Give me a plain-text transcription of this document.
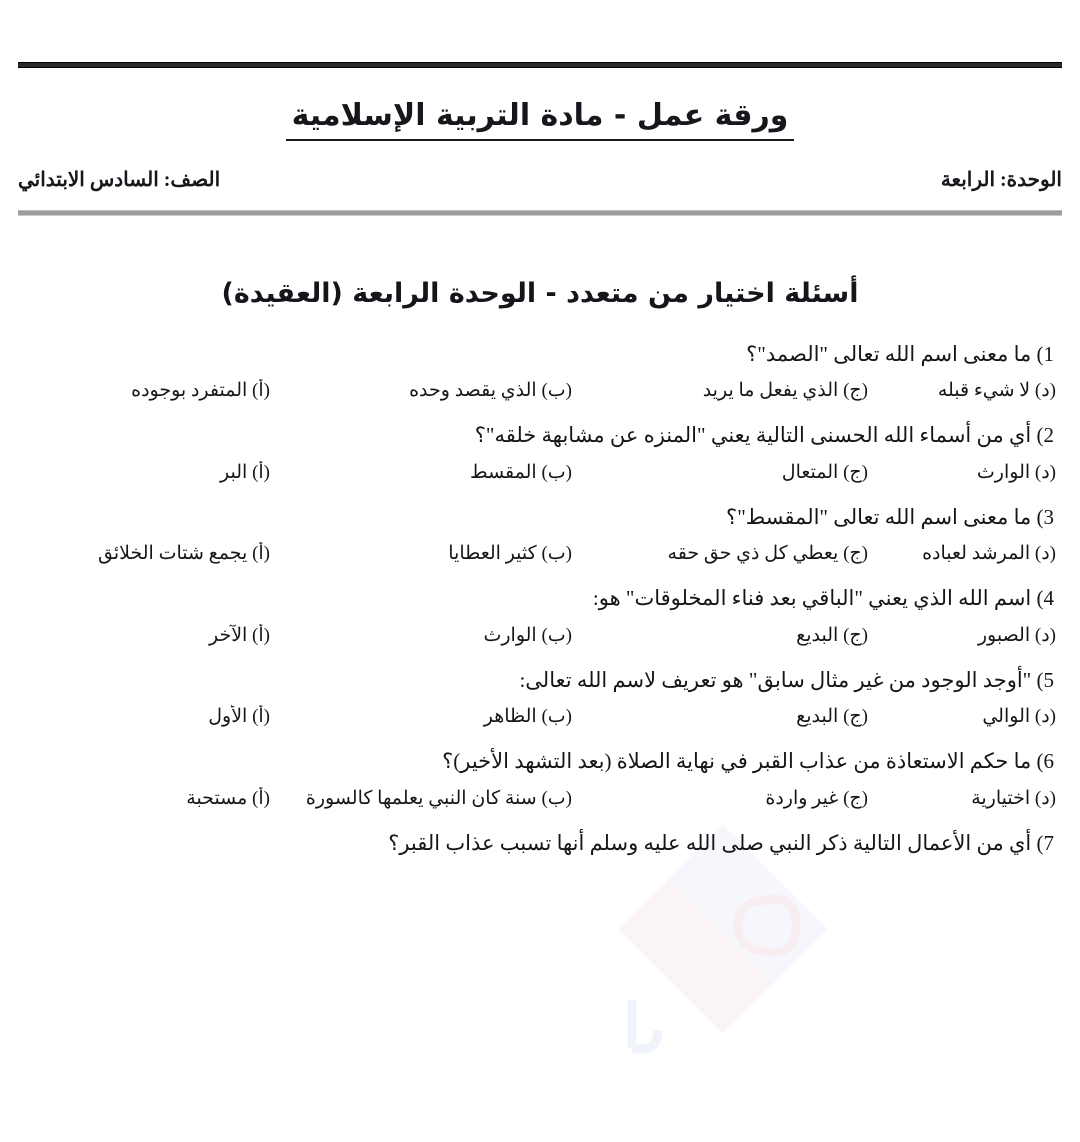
ورقة عمل - مادة التربية الإسلامية
الوحدة: الرابعة
الصف: السادس الابتدائي
أسئلة اختيار من متعدد - الوحدة الرابعة (العقيدة)
1) ما معنى اسم الله تعالى "الصمد"؟
(د) لا شيء قبله
(ج) الذي يفعل ما يريد
(ب) الذي يقصد وحده
(أ) المتفرد بوجوده
2) أي من أسماء الله الحسنى التالية يعني "المنزه عن مشابهة خلقه"؟
(د) الوارث
(ج) المتعال
(ب) المقسط
(أ) البر
3) ما معنى اسم الله تعالى "المقسط"؟
(د) المرشد لعباده
(ج) يعطي كل ذي حق حقه
(ب) كثير العطايا
(أ) يجمع شتات الخلائق
4) اسم الله الذي يعني "الباقي بعد فناء المخلوقات" هو:
(د) الصبور
(ج) البديع
(ب) الوارث
(أ) الآخر
5) "أوجد الوجود من غير مثال سابق" هو تعريف لاسم الله تعالى:
(د) الوالي
(ج) البديع
(ب) الظاهر
(أ) الأول
6) ما حكم الاستعاذة من عذاب القبر في نهاية الصلاة (بعد التشهد الأخير)؟
(د) اختيارية
(ج) غير واردة
(ب) سنة كان النبي يعلمها كالسورة
(أ) مستحبة
7) أي من الأعمال التالية ذكر النبي صلى الله عليه وسلم أنها تسبب عذاب القبر؟
